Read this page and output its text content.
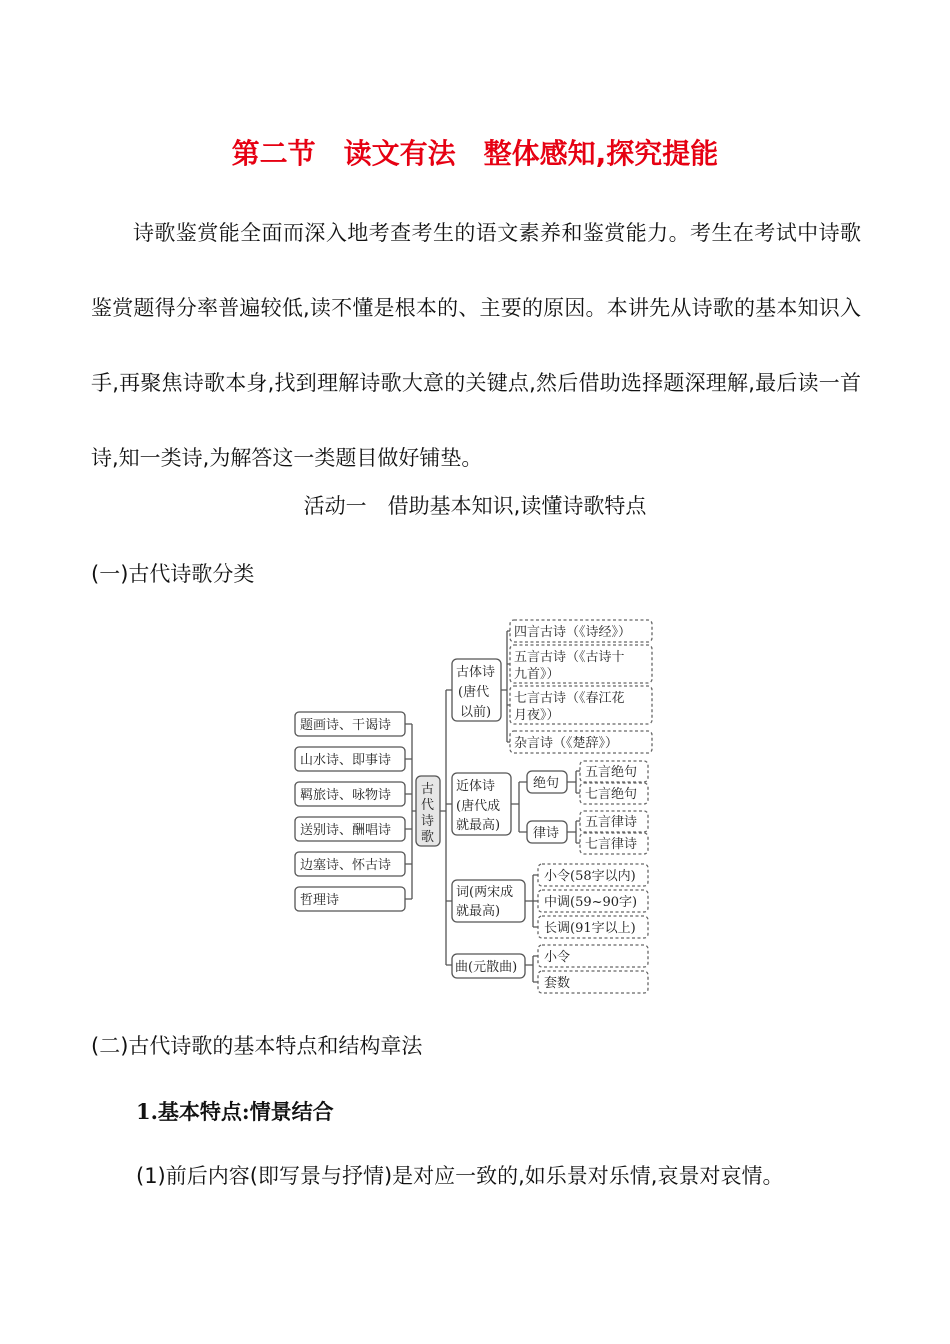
第二节　读文有法　整体感知,探究提能

诗歌鉴赏能全面而深入地考查考生的语文素养和鉴赏能力。考生在考试中诗歌鉴赏题得分率普遍较低,读不懂是根本的、主要的原因。本讲先从诗歌的基本知识入手,再聚焦诗歌本身,找到理解诗歌大意的关键点,然后借助选择题深理解,最后读一首诗,知一类诗,为解答这一类题目做好铺垫。

活动一　借助基本知识,读懂诗歌特点
(一)古代诗歌分类
题画诗、干谒诗
山水诗、即事诗
羁旅诗、咏物诗
送别诗、酬唱诗
边塞诗、怀古诗
哲理诗
古
代
诗
歌
古体诗
(唐代
以前)
四言古诗（《诗经》）
五言古诗（《古诗十
九首》）
七言古诗（《春江花
月夜》）
杂言诗（《楚辞》）
近体诗
(唐代成
就最高)
绝句
律诗
五言绝句
七言绝句
五言律诗
七言律诗
词(两宋成
就最高)
小令(58字以内)
中调(59~90字)
长调(91字以上)
曲(元散曲)
小令
套数
(二)古代诗歌的基本特点和结构章法
1.基本特点:情景结合
(1)前后内容(即写景与抒情)是对应一致的,如乐景对乐情,哀景对哀情。
